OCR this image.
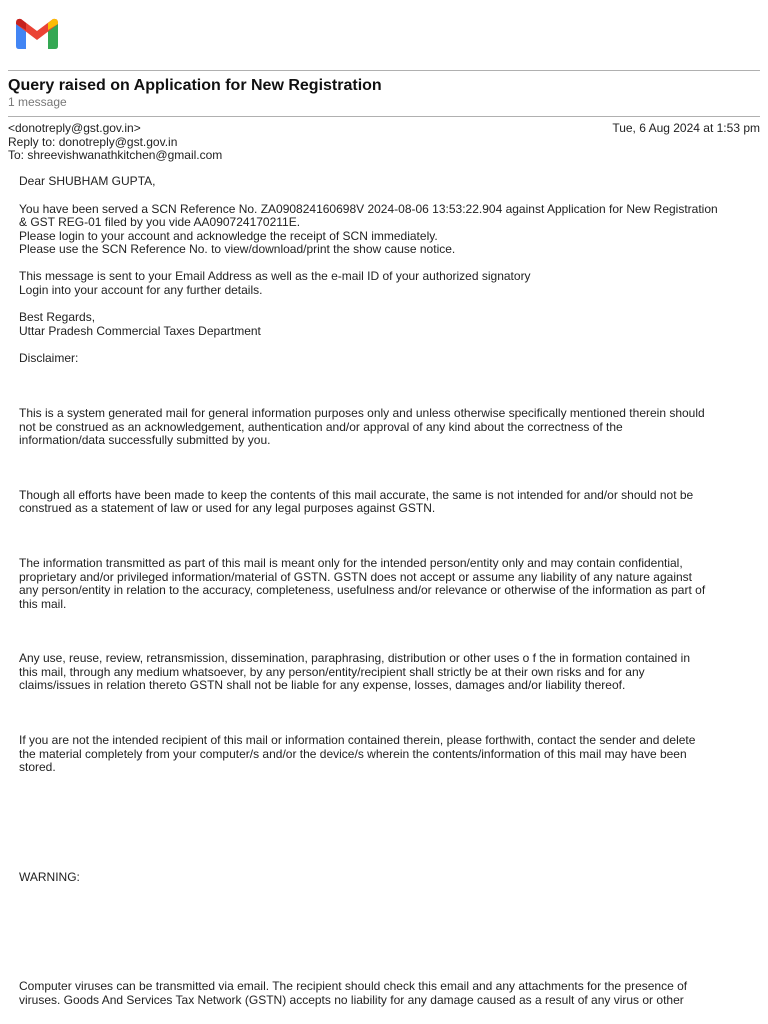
Query raised on Application for New Registration
1 message
<donotreply@gst.gov.in>
Reply to: donotreply@gst.gov.in
To: shreevishwanathkitchen@gmail.com
Tue, 6 Aug 2024 at 1:53 pm

Dear SHUBHAM GUPTA,

You have been served a SCN Reference No. ZA090824160698V 2024-08-06 13:53:22.904 against Application for New Registration
& GST REG-01 filed by you vide AA090724170211E.
Please login to your account and acknowledge the receipt of SCN immediately.
Please use the SCN Reference No. to view/download/print the show cause notice.

This message is sent to your Email Address as well as the e-mail ID of your authorized signatory
Login into your account for any further details.

Best Regards,
Uttar Pradesh Commercial Taxes Department

Disclaimer:

This is a system generated mail for general information purposes only and unless otherwise specifically mentioned therein should
not be construed as an acknowledgement, authentication and/or approval of any kind about the correctness of the
information/data successfully submitted by you.

Though all efforts have been made to keep the contents of this mail accurate, the same is not intended for and/or should not be
construed as a statement of law or used for any legal purposes against GSTN.

The information transmitted as part of this mail is meant only for the intended person/entity only and may contain confidential,
proprietary and/or privileged information/material of GSTN. GSTN does not accept or assume any liability of any nature against
any person/entity in relation to the accuracy, completeness, usefulness and/or relevance or otherwise of the information as part of
this mail.

Any use, reuse, review, retransmission, dissemination, paraphrasing, distribution or other uses o f the in formation contained in
this mail, through any medium whatsoever, by any person/entity/recipient shall strictly be at their own risks and for any
claims/issues in relation thereto GSTN shall not be liable for any expense, losses, damages and/or liability thereof.

If you are not the intended recipient of this mail or information contained therein, please forthwith, contact the sender and delete
the material completely from your computer/s and/or the device/s wherein the contents/information of this mail may have been
stored.

WARNING:

Computer viruses can be transmitted via email. The recipient should check this email and any attachments for the presence of
viruses. Goods And Services Tax Network (GSTN) accepts no liability for any damage caused as a result of any virus or other
